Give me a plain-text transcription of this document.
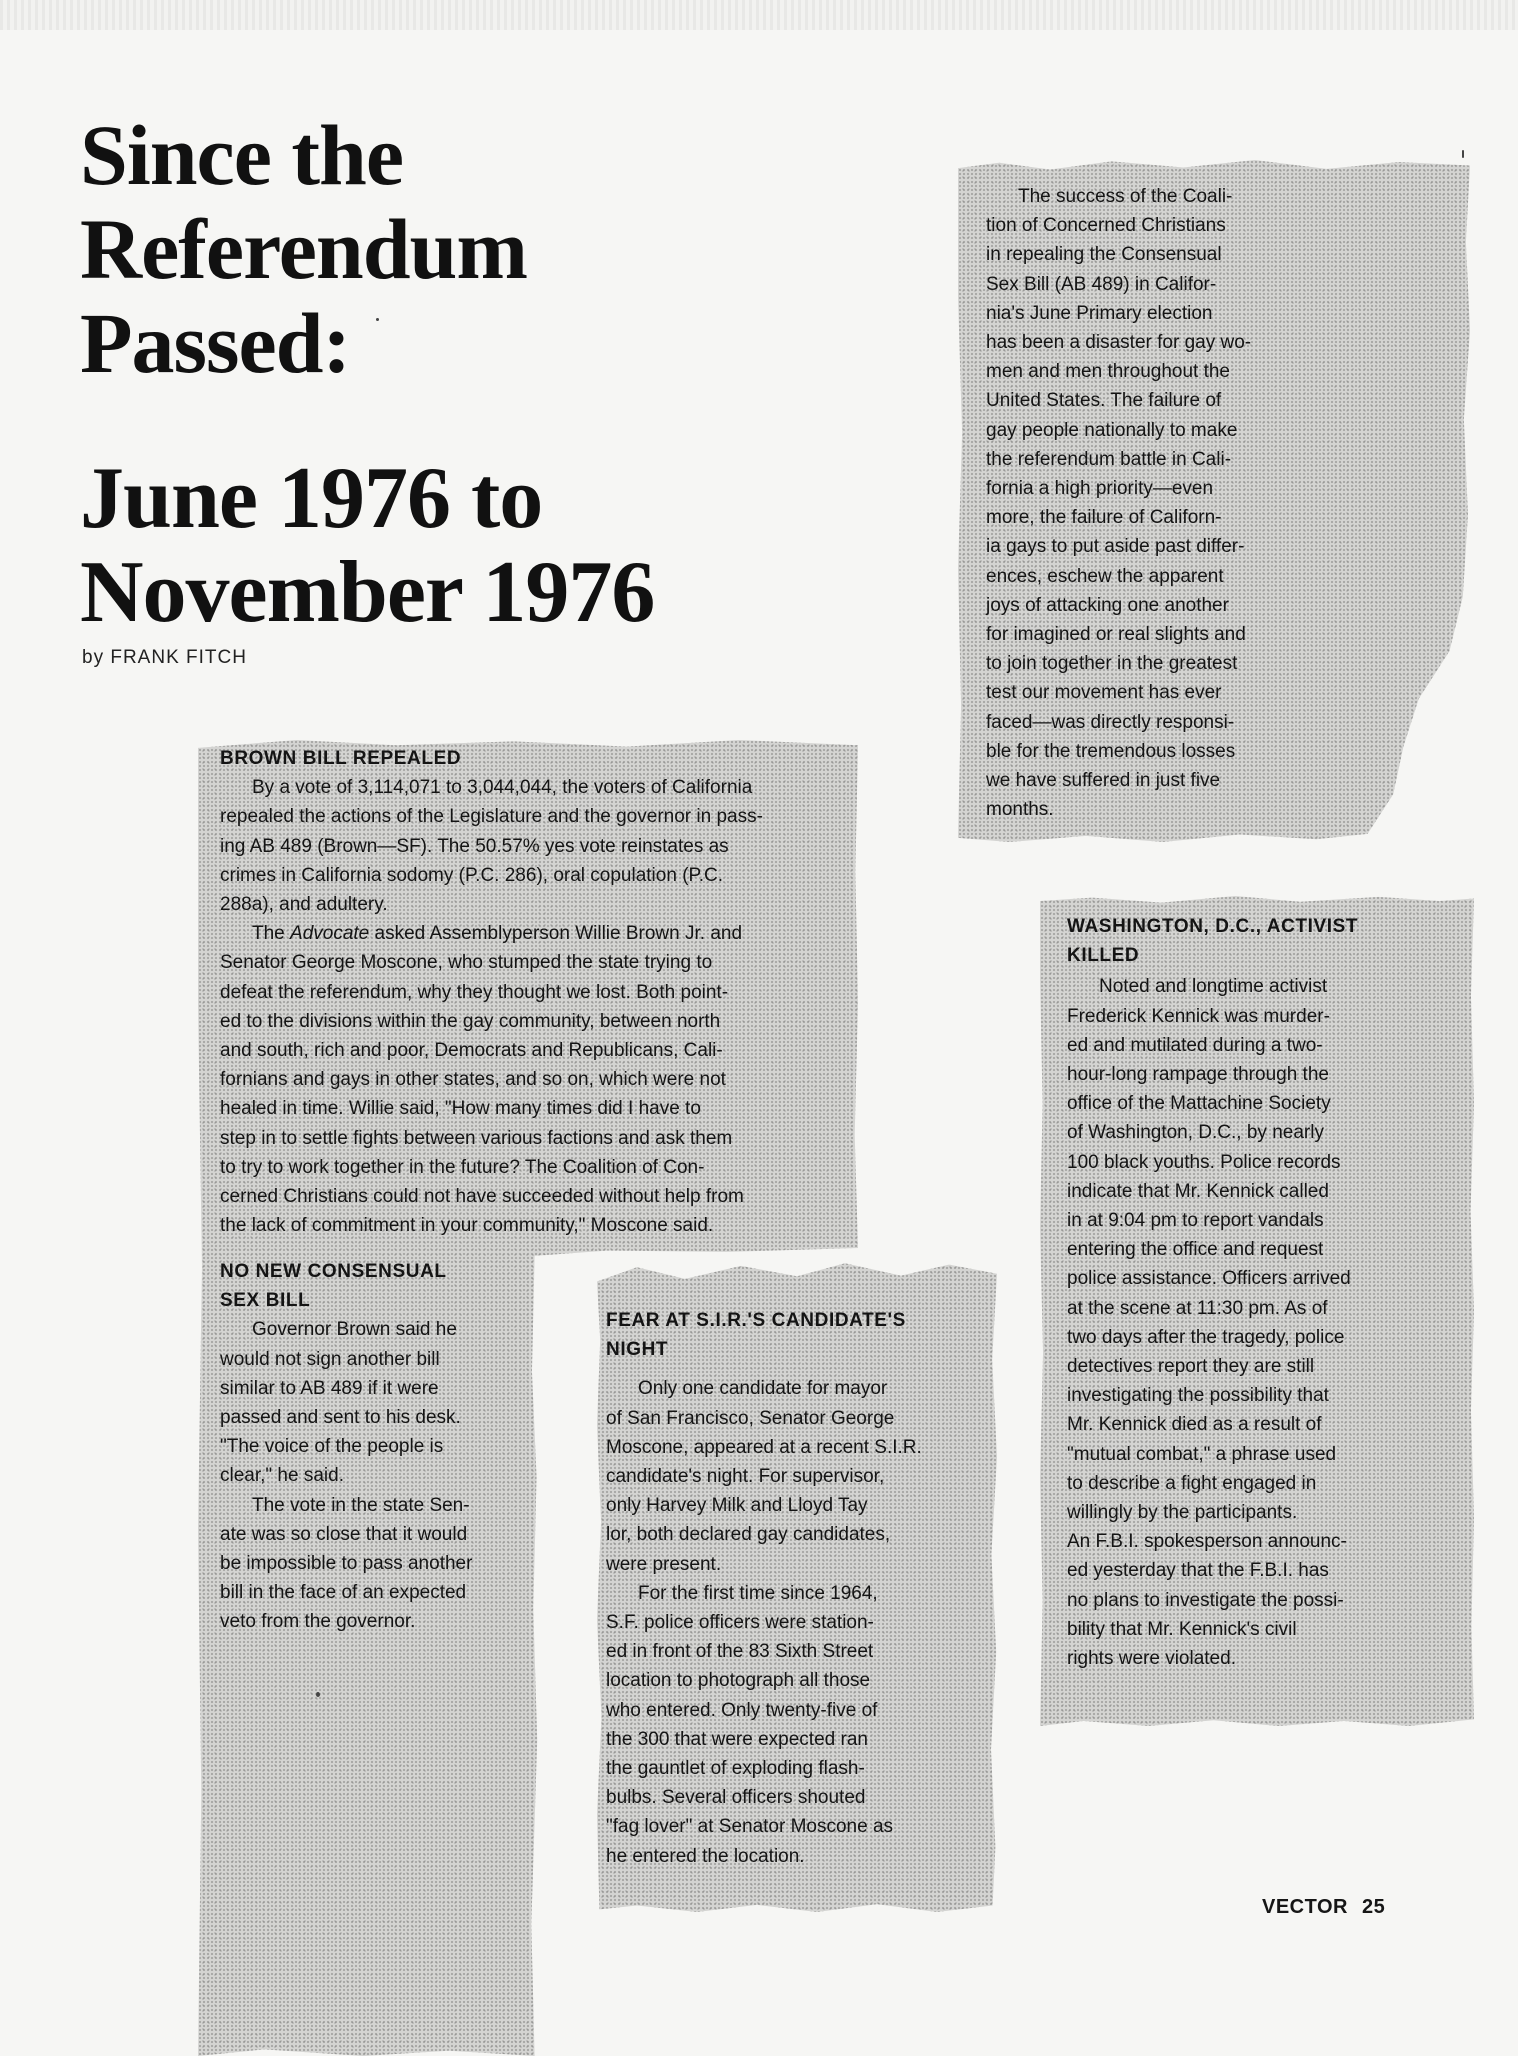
Since the
Referendum
Passed:
June 1976 to
November 1976
by FRANK FITCH
The success of the Coali-
tion of Concerned Christians
in repealing the Consensual
Sex Bill (AB 489) in Califor-
nia's June Primary election
has been a disaster for gay wo-
men and men throughout the
United States. The failure of
gay people nationally to make
the referendum battle in Cali-
fornia a high priority—even
more, the failure of Californ-
ia gays to put aside past differ-
ences, eschew the apparent
joys of attacking one another
for imagined or real slights and
to join together in the greatest
test our movement has ever
faced—was directly responsi-
ble for the tremendous losses
we have suffered in just five
months.
BROWN BILL REPEALED
By a vote of 3,114,071 to 3,044,044, the voters of California
repealed the actions of the Legislature and the governor in pass-
ing AB 489 (Brown—SF). The 50.57% yes vote reinstates as
crimes in California sodomy (P.C. 286), oral copulation (P.C.
288a), and adultery.
The Advocate asked Assemblyperson Willie Brown Jr. and
Senator George Moscone, who stumped the state trying to
defeat the referendum, why they thought we lost. Both point-
ed to the divisions within the gay community, between north
and south, rich and poor, Democrats and Republicans, Cali-
fornians and gays in other states, and so on, which were not
healed in time. Willie said, "How many times did I have to
step in to settle fights between various factions and ask them
to try to work together in the future? The Coalition of Con-
cerned Christians could not have succeeded without help from
the lack of commitment in your community," Moscone said.
NO NEW CONSENSUAL
SEX BILL
Governor Brown said he
would not sign another bill
similar to AB 489 if it were
passed and sent to his desk.
"The voice of the people is
clear," he said.
The vote in the state Sen-
ate was so close that it would
be impossible to pass another
bill in the face of an expected
veto from the governor.
FEAR AT S.I.R.'S CANDIDATE'S
NIGHT
Only one candidate for mayor
of San Francisco, Senator George
Moscone, appeared at a recent S.I.R.
candidate's night. For supervisor,
only Harvey Milk and Lloyd Tay
lor, both declared gay candidates,
were present.
For the first time since 1964,
S.F. police officers were station-
ed in front of the 83 Sixth Street
location to photograph all those
who entered. Only twenty-five of
the 300 that were expected ran
the gauntlet of exploding flash-
bulbs. Several officers shouted
"fag lover" at Senator Moscone as
he entered the location.
WASHINGTON, D.C., ACTIVIST
KILLED
Noted and longtime activist
Frederick Kennick was murder-
ed and mutilated during a two-
hour-long rampage through the
office of the Mattachine Society
of Washington, D.C., by nearly
100 black youths. Police records
indicate that Mr. Kennick called
in at 9:04 pm to report vandals
entering the office and request
police assistance. Officers arrived
at the scene at 11:30 pm. As of
two days after the tragedy, police
detectives report they are still
investigating the possibility that
Mr. Kennick died as a result of
"mutual combat," a phrase used
to describe a fight engaged in
willingly by the participants.
An F.B.I. spokesperson announc-
ed yesterday that the F.B.I. has
no plans to investigate the possi-
bility that Mr. Kennick's civil
rights were violated.
VECTOR 25
